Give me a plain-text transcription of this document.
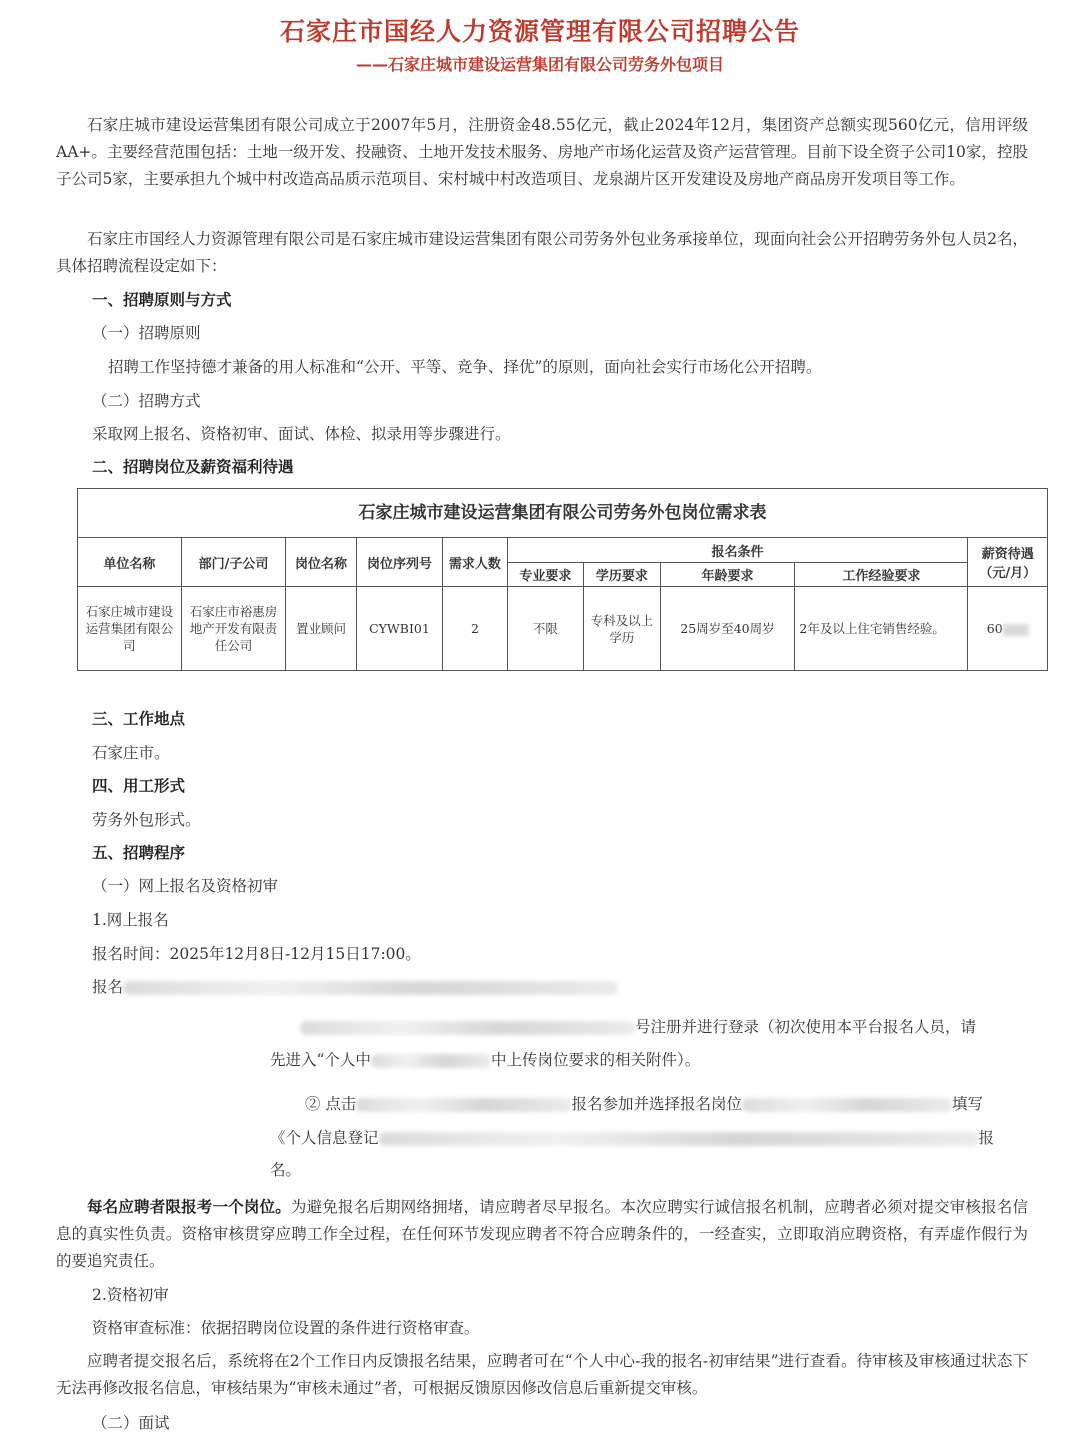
石家庄市国经人力资源管理有限公司招聘公告
——石家庄城市建设运营集团有限公司劳务外包项目
石家庄城市建设运营集团有限公司成立于2007年5月，注册资金48.55亿元，截止2024年12月，集团资产总额实现560亿元，信用评级AA+。主要经营范围包括：土地一级开发、投融资、土地开发技术服务、房地产市场化运营及资产运营管理。目前下设全资子公司10家，控股子公司5家，主要承担九个城中村改造高品质示范项目、宋村城中村改造项目、龙泉湖片区开发建设及房地产商品房开发项目等工作。
石家庄市国经人力资源管理有限公司是石家庄城市建设运营集团有限公司劳务外包业务承接单位，现面向社会公开招聘劳务外包人员2名，具体招聘流程设定如下：
一、招聘原则与方式
（一）招聘原则
招聘工作坚持德才兼备的用人标准和“公开、平等、竞争、择优”的原则，面向社会实行市场化公开招聘。
（二）招聘方式
采取网上报名、资格初审、面试、体检、拟录用等步骤进行。
二、招聘岗位及薪资福利待遇
石家庄城市建设运营集团有限公司劳务外包岗位需求表									
单位名称	部门/子公司	岗位名称	岗位序列号	需求人数	报名条件				薪资待遇（元/月）
					专业要求	学历要求	年龄要求	工作经验要求	
石家庄城市建设运营集团有限公司	石家庄市裕惠房地产开发有限责任公司	置业顾问	CYWBI01	2	不限	专科及以上学历	25周岁至40周岁	2年及以上住宅销售经验。	60
三、工作地点
石家庄市。
四、用工形式
劳务外包形式。
五、招聘程序
（一）网上报名及资格初审
1.网上报名
报名时间：2025年12月8日-12月15日17:00。
报名
号注册并进行登录（初次使用本平台报名人员，请
先进入“个人中	中上传岗位要求的相关附件）。
② 点击	报名参加并选择报名岗位	填写
《个人信息登记	报
名。
每名应聘者限报考一个岗位。为避免报名后期网络拥堵，请应聘者尽早报名。本次应聘实行诚信报名机制，应聘者必须对提交审核报名信息的真实性负责。资格审核贯穿应聘工作全过程，在任何环节发现应聘者不符合应聘条件的，一经查实，立即取消应聘资格，有弄虚作假行为的要追究责任。
2.资格初审
资格审查标准：依据招聘岗位设置的条件进行资格审查。
应聘者提交报名后，系统将在2个工作日内反馈报名结果，应聘者可在“个人中心-我的报名-初审结果”进行查看。待审核及审核通过状态下无法再修改报名信息，审核结果为“审核未通过”者，可根据反馈原因修改信息后重新提交审核。
（二）面试
